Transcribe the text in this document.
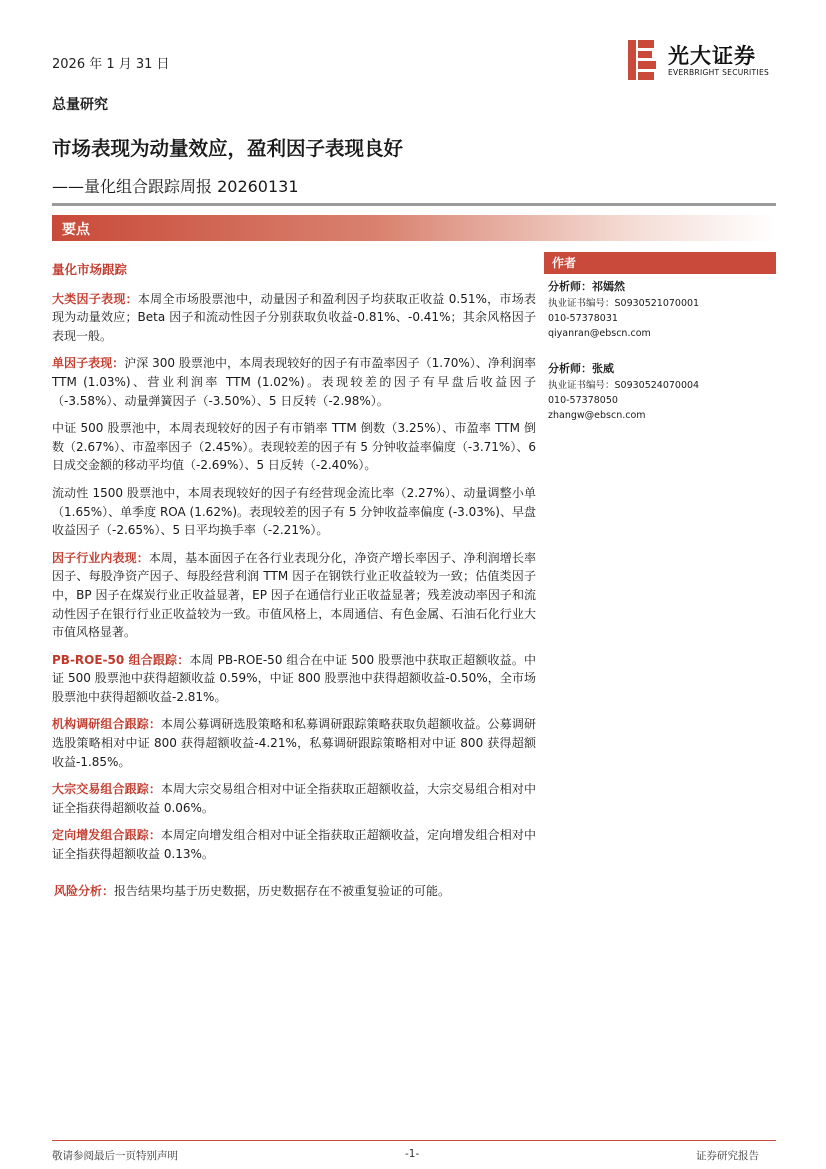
2026 年 1 月 31 日	光大证券
EVERBRIGHT SECURITIES
总量研究
市场表现为动量效应，盈利因子表现良好
——量化组合跟踪周报 20260131
要点
量化市场跟踪

大类因子表现：本周全市场股票池中，动量因子和盈利因子均获取正收益 0.51%，市场表现为动量效应；Beta 因子和流动性因子分别获取负收益-0.81%、-0.41%；其余风格因子表现一般。

单因子表现：沪深 300 股票池中，本周表现较好的因子有市盈率因子（1.70%）、净利润率 TTM (1.03%)、营业利润率 TTM (1.02%)。表现较差的因子有早盘后收益因子（-3.58%）、动量弹簧因子（-3.50%）、5 日反转（-2.98%）。

中证 500 股票池中，本周表现较好的因子有市销率 TTM 倒数（3.25%）、市盈率 TTM 倒数（2.67%）、市盈率因子（2.45%）。表现较差的因子有 5 分钟收益率偏度（-3.71%）、6 日成交金额的移动平均值（-2.69%）、5 日反转（-2.40%）。

流动性 1500 股票池中，本周表现较好的因子有经营现金流比率（2.27%）、动量调整小单（1.65%）、单季度 ROA (1.62%)。表现较差的因子有 5 分钟收益率偏度 (-3.03%)、早盘收益因子（-2.65%）、5 日平均换手率（-2.21%）。

因子行业内表现：本周，基本面因子在各行业表现分化，净资产增长率因子、净利润增长率因子、每股净资产因子、每股经营利润 TTM 因子在钢铁行业正收益较为一致；估值类因子中，BP 因子在煤炭行业正收益显著，EP 因子在通信行业正收益显著；残差波动率因子和流动性因子在银行行业正收益较为一致。市值风格上，本周通信、有色金属、石油石化行业大市值风格显著。

PB-ROE-50 组合跟踪：本周 PB-ROE-50 组合在中证 500 股票池中获取正超额收益。中证 500 股票池中获得超额收益 0.59%，中证 800 股票池中获得超额收益-0.50%，全市场股票池中获得超额收益-2.81%。

机构调研组合跟踪：本周公募调研选股策略和私募调研跟踪策略获取负超额收益。公募调研选股策略相对中证 800 获得超额收益-4.21%，私募调研跟踪策略相对中证 800 获得超额收益-1.85%。

大宗交易组合跟踪：本周大宗交易组合相对中证全指获取正超额收益，大宗交易组合相对中证全指获得超额收益 0.06%。

定向增发组合跟踪：本周定向增发组合相对中证全指获取正超额收益，定向增发组合相对中证全指获得超额收益 0.13%。

风险分析：报告结果均基于历史数据，历史数据存在不被重复验证的可能。

作者
分析师：祁嫣然
执业证书编号：S0930521070001
010-57378031
qiyanran@ebscn.com
分析师：张威
执业证书编号：S0930524070004
010-57378050
zhangw@ebscn.com
敬请参阅最后一页特别声明	-1-	证券研究报告
